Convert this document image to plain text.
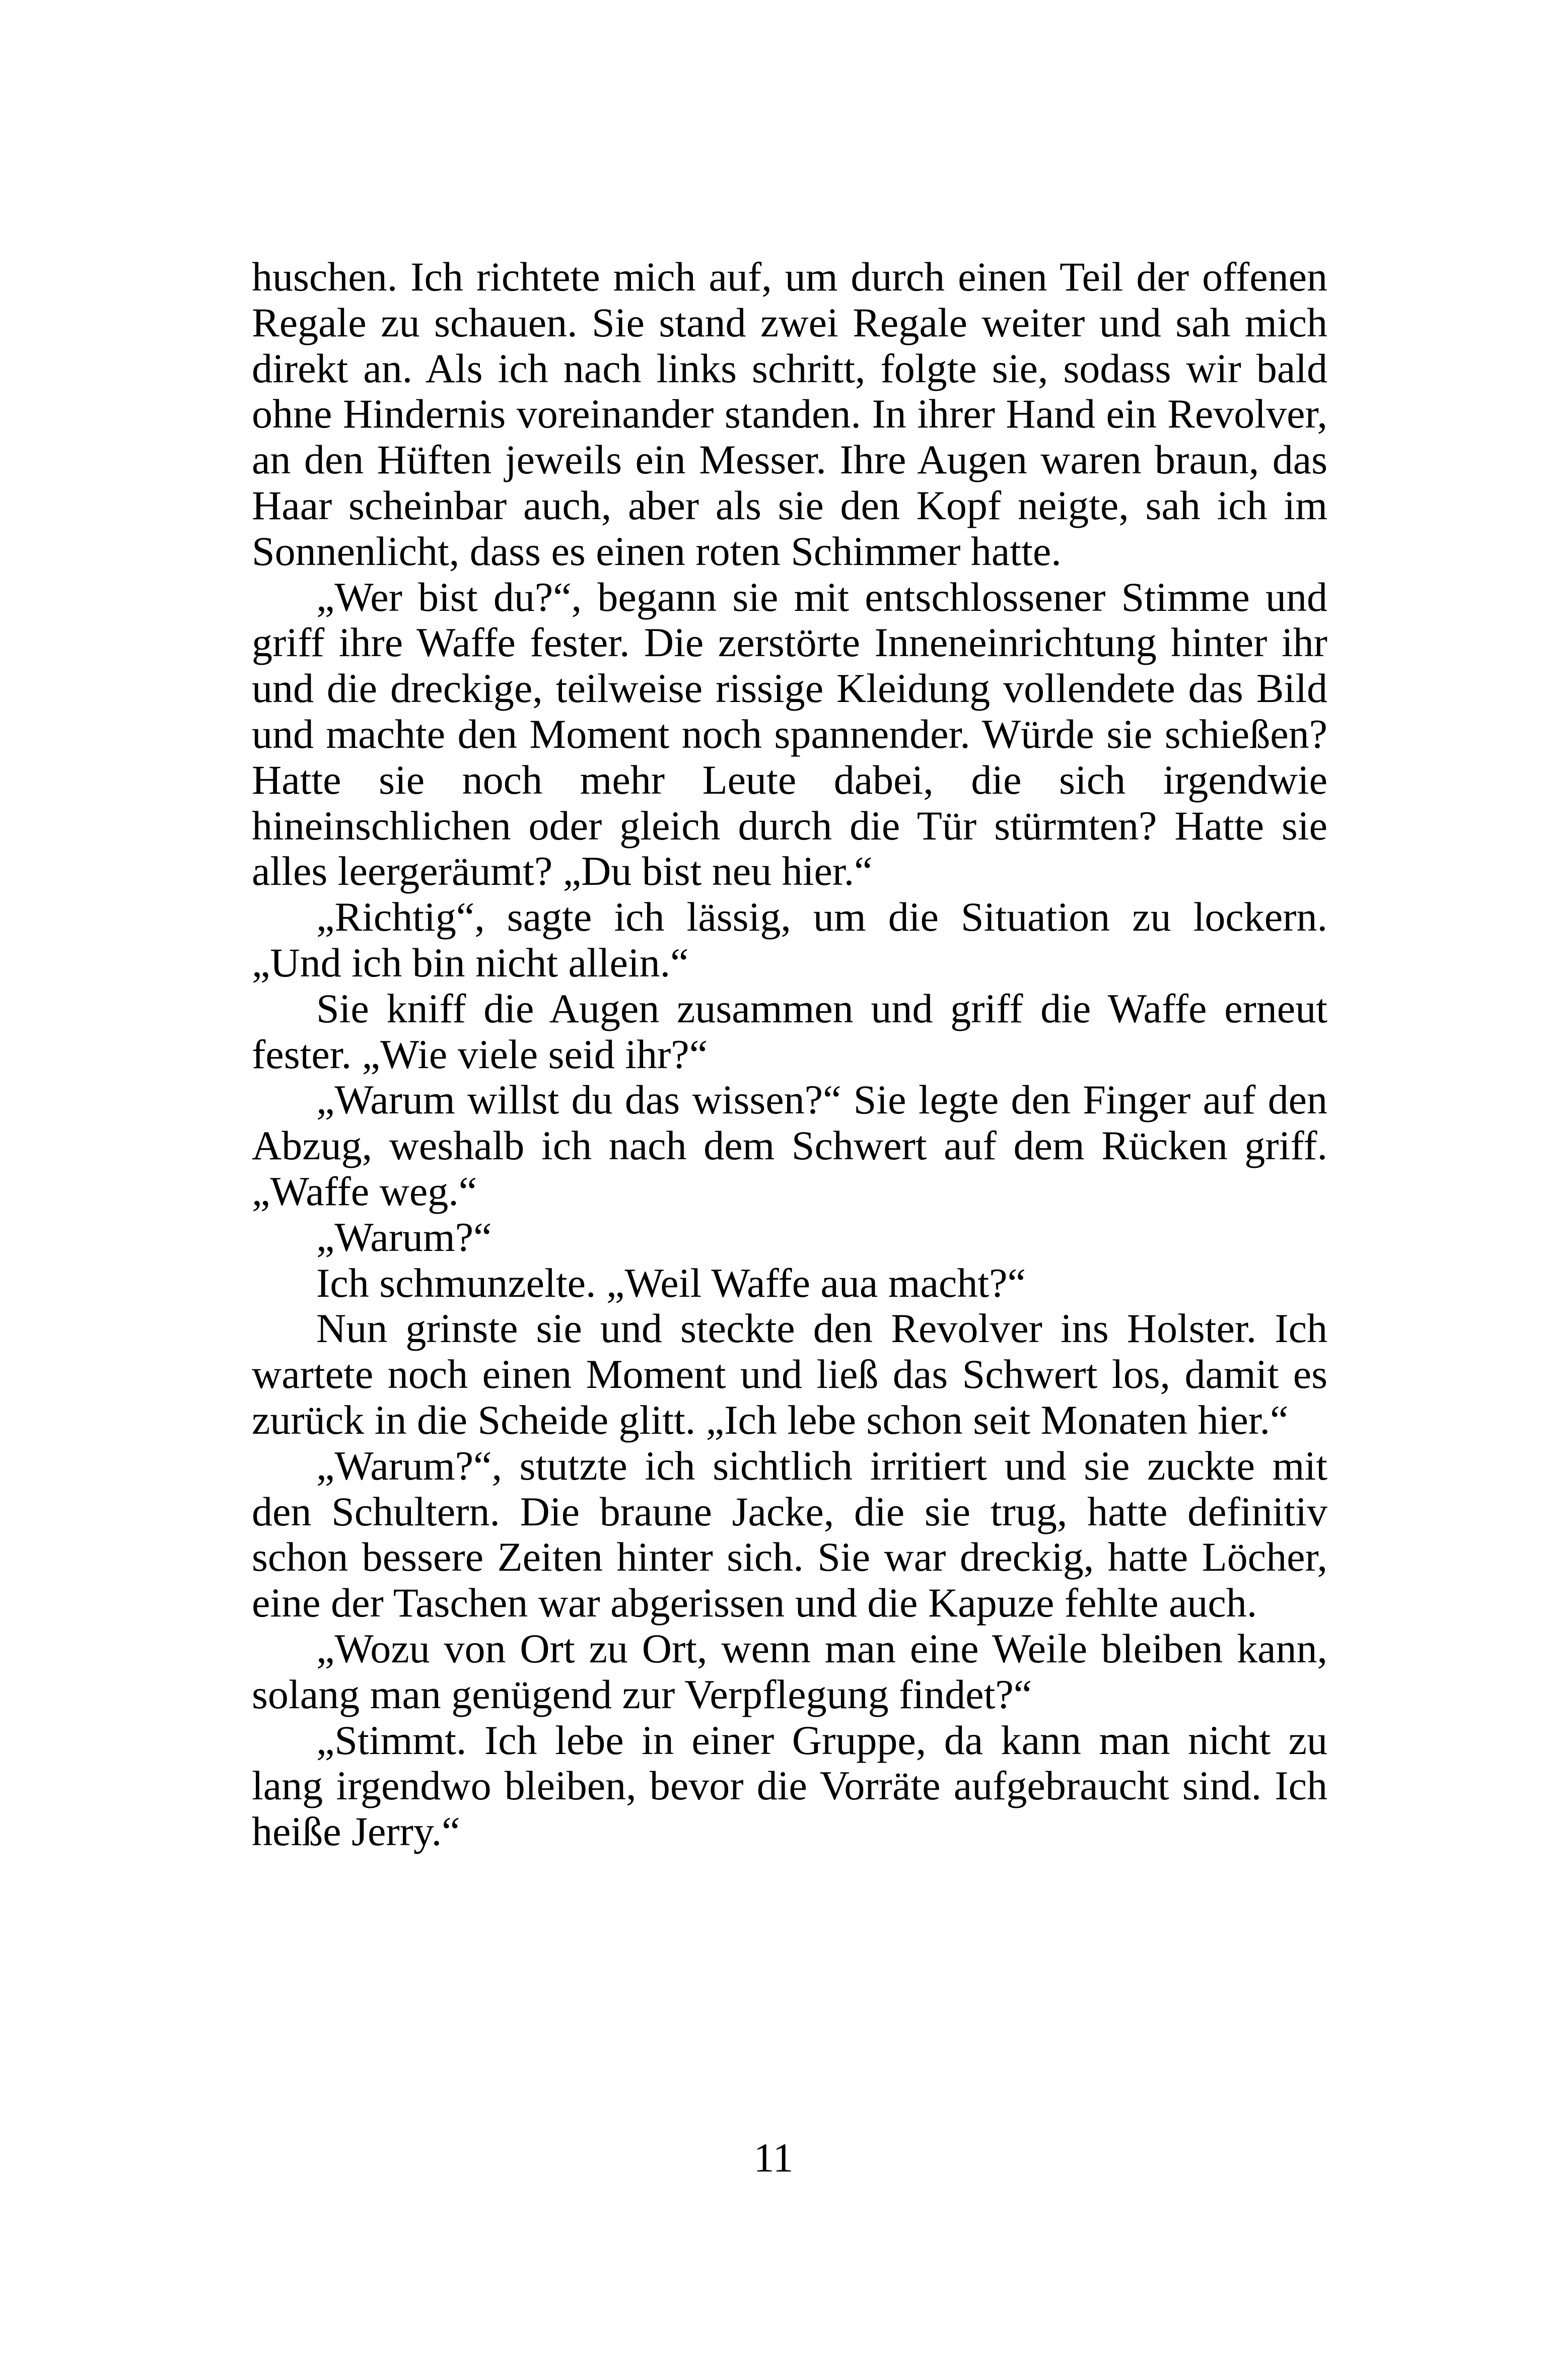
huschen. Ich richtete mich auf, um durch einen Teil der offenen Regale zu schauen. Sie stand zwei Regale weiter und sah mich direkt an. Als ich nach links schritt, folgte sie, sodass wir bald ohne Hindernis voreinander standen. In ihrer Hand ein Revolver, an den Hüften jeweils ein Messer. Ihre Augen waren braun, das Haar scheinbar auch, aber als sie den Kopf neigte, sah ich im Sonnenlicht, dass es einen roten Schimmer hatte.

„Wer bist du?“, begann sie mit entschlossener Stimme und griff ihre Waffe fester. Die zerstörte Inneneinrichtung hinter ihr und die dreckige, teilweise rissige Kleidung vollendete das Bild und machte den Moment noch spannender. Würde sie schießen? Hatte sie noch mehr Leute dabei, die sich irgendwie hineinschlichen oder gleich durch die Tür stürmten? Hatte sie alles leergeräumt? „Du bist neu hier.“

„Richtig“, sagte ich lässig, um die Situation zu lockern. „Und ich bin nicht allein.“

Sie kniff die Augen zusammen und griff die Waffe erneut fester. „Wie viele seid ihr?“

„Warum willst du das wissen?“ Sie legte den Finger auf den Abzug, weshalb ich nach dem Schwert auf dem Rücken griff. „Waffe weg.“

„Warum?“

Ich schmunzelte. „Weil Waffe aua macht?“

Nun grinste sie und steckte den Revolver ins Holster. Ich wartete noch einen Moment und ließ das Schwert los, damit es zurück in die Scheide glitt. „Ich lebe schon seit Monaten hier.“

„Warum?“, stutzte ich sichtlich irritiert und sie zuckte mit den Schultern. Die braune Jacke, die sie trug, hatte definitiv schon bessere Zeiten hinter sich. Sie war dreckig, hatte Löcher, eine der Taschen war abgerissen und die Kapuze fehlte auch.

„Wozu von Ort zu Ort, wenn man eine Weile bleiben kann, solang man genügend zur Verpflegung findet?“

„Stimmt. Ich lebe in einer Gruppe, da kann man nicht zu lang irgendwo bleiben, bevor die Vorräte aufgebraucht sind. Ich heiße Jerry.“

11
